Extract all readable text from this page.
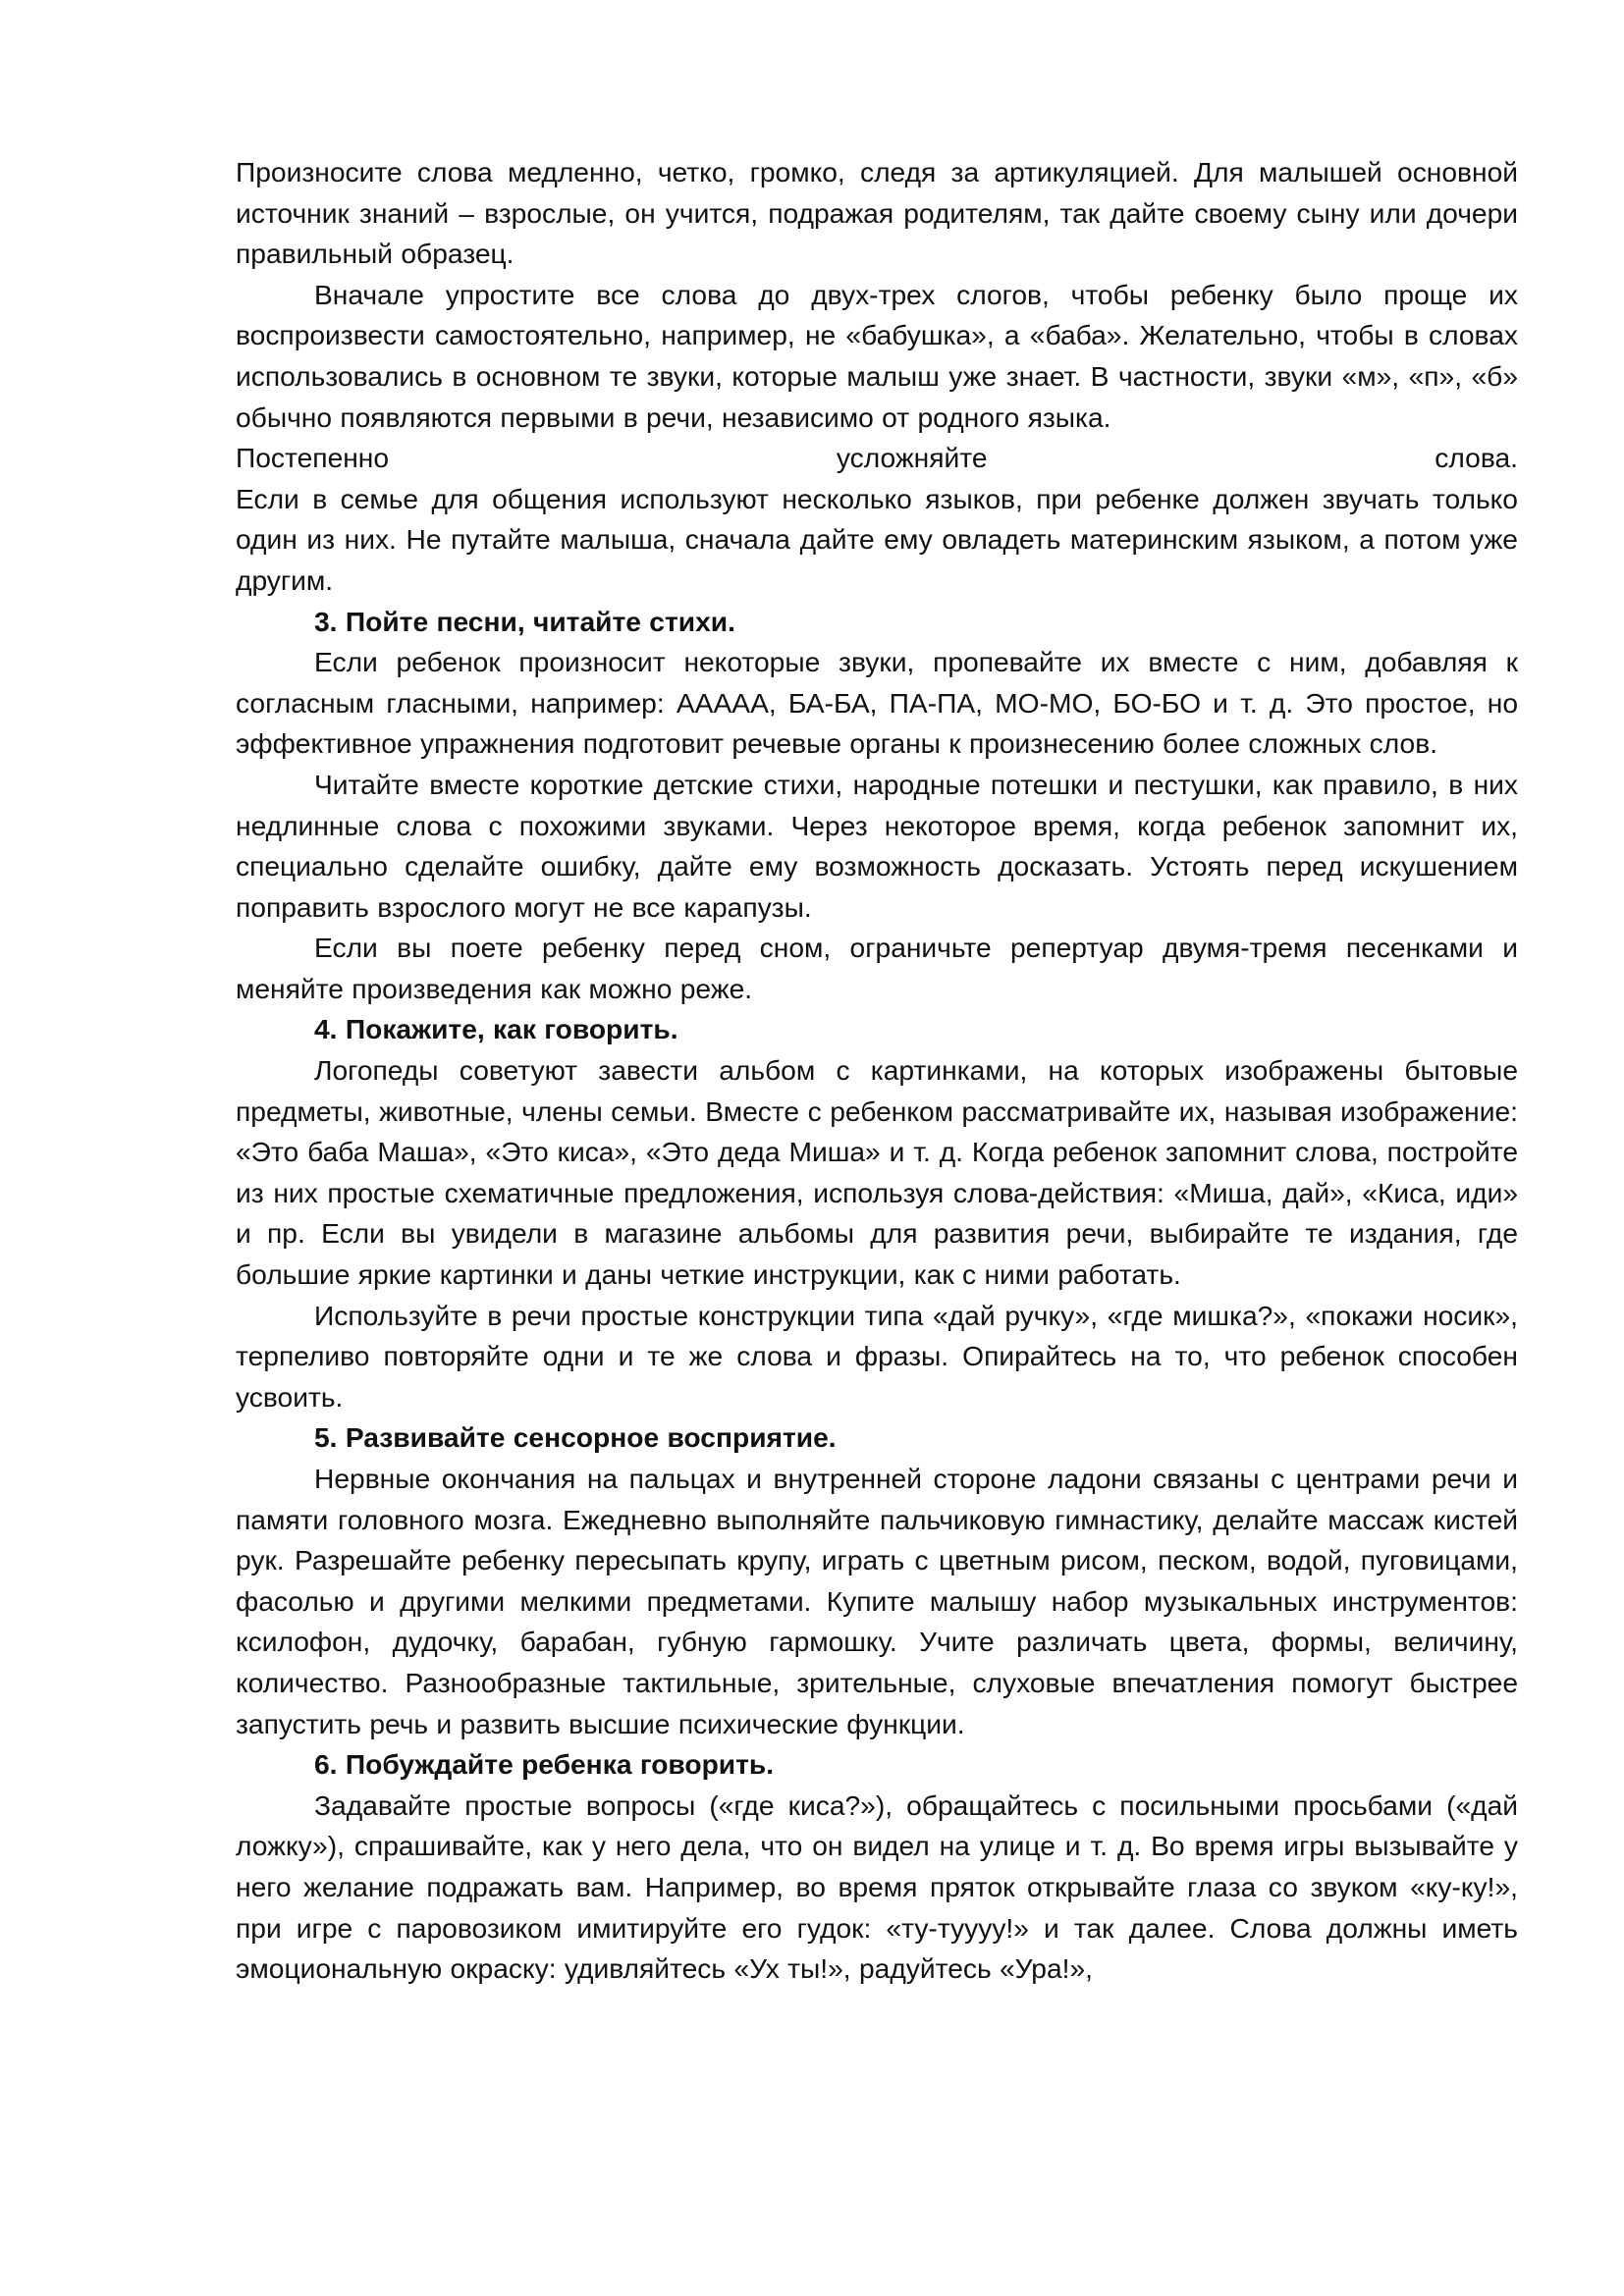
Произносите слова медленно, четко, громко, следя за артикуляцией. Для малышей основной источник знаний – взрослые, он учится, подражая родителям, так дайте своему сыну или дочери правильный образец.

Вначале упростите все слова до двух-трех слогов, чтобы ребенку было проще их воспроизвести самостоятельно, например, не «бабушка», а «баба». Желательно, чтобы в словах использовались в основном те звуки, которые малыш уже знает. В частности, звуки «м», «п», «б» обычно появляются первыми в речи, независимо от родного языка.

Постепенно	усложняйте	слова.

Если в семье для общения используют несколько языков, при ребенке должен звучать только один из них. Не путайте малыша, сначала дайте ему овладеть материнским языком, а потом уже другим.

3. Пойте песни, читайте стихи.

Если ребенок произносит некоторые звуки, пропевайте их вместе с ним, добавляя к согласным гласными, например: ААААА, БА-БА, ПА-ПА, МО-МО, БО-БО и т. д. Это простое, но эффективное упражнения подготовит речевые органы к произнесению более сложных слов.

Читайте вместе короткие детские стихи, народные потешки и пестушки, как правило, в них недлинные слова с похожими звуками. Через некоторое время, когда ребенок запомнит их, специально сделайте ошибку, дайте ему возможность досказать. Устоять перед искушением поправить взрослого могут не все карапузы.

Если вы поете ребенку перед сном, ограничьте репертуар двумя-тремя песенками и меняйте произведения как можно реже.

4. Покажите, как говорить.

Логопеды советуют завести альбом с картинками, на которых изображены бытовые предметы, животные, члены семьи. Вместе с ребенком рассматривайте их, называя изображение: «Это баба Маша», «Это киса», «Это деда Миша» и т. д. Когда ребенок запомнит слова, постройте из них простые схематичные предложения, используя слова-действия: «Миша, дай», «Киса, иди» и пр. Если вы увидели в магазине альбомы для развития речи, выбирайте те издания, где большие яркие картинки и даны четкие инструкции, как с ними работать.

Используйте в речи простые конструкции типа «дай ручку», «где мишка?», «покажи носик», терпеливо повторяйте одни и те же слова и фразы. Опирайтесь на то, что ребенок способен усвоить.

5. Развивайте сенсорное восприятие.

Нервные окончания на пальцах и внутренней стороне ладони связаны с центрами речи и памяти головного мозга. Ежедневно выполняйте пальчиковую гимнастику, делайте массаж кистей рук. Разрешайте ребенку пересыпать крупу, играть с цветным рисом, песком, водой, пуговицами, фасолью и другими мелкими предметами. Купите малышу набор музыкальных инструментов: ксилофон, дудочку, барабан, губную гармошку. Учите различать цвета, формы, величину, количество. Разнообразные тактильные, зрительные, слуховые впечатления помогут быстрее запустить речь и развить высшие психические функции.

6. Побуждайте ребенка говорить.

Задавайте простые вопросы («где киса?»), обращайтесь с посильными просьбами («дай ложку»), спрашивайте, как у него дела, что он видел на улице и т. д. Во время игры вызывайте у него желание подражать вам. Например, во время пряток открывайте глаза со звуком «ку-ку!», при игре с паровозиком имитируйте его гудок: «ту-туууу!» и так далее. Слова должны иметь эмоциональную окраску: удивляйтесь «Ух ты!», радуйтесь «Ура!»,
